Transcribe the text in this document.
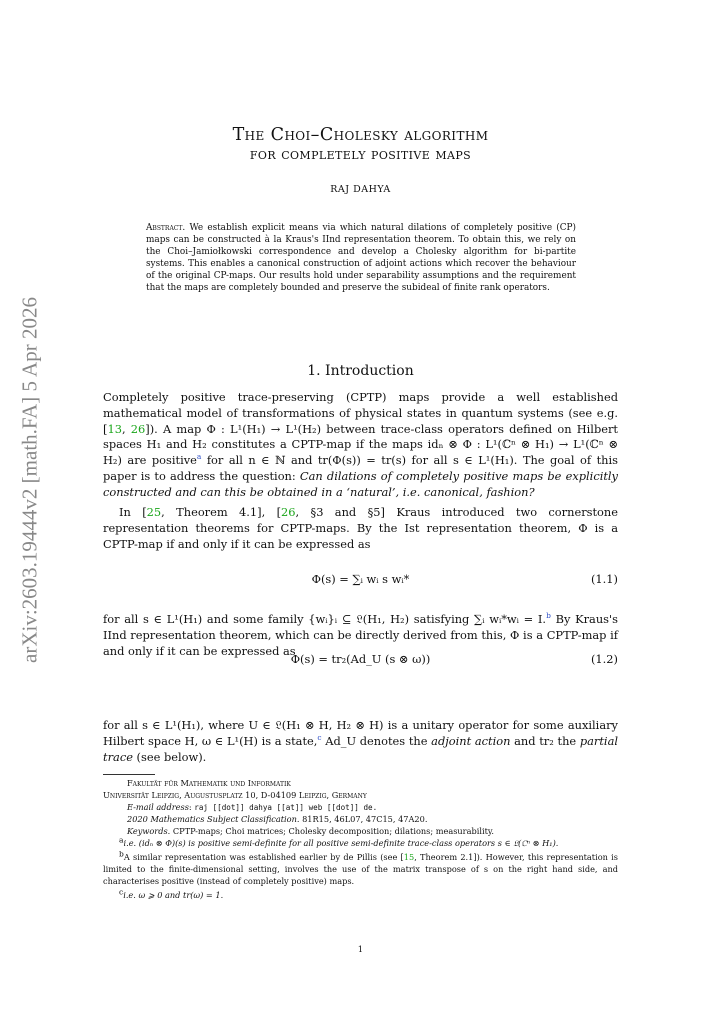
arXiv:2603.19444v2 [math.FA] 5 Apr 2026
The Choi–Cholesky algorithm
for completely positive maps
RAJ DAHYA
Abstract. We establish explicit means via which natural dilations of completely positive (CP) maps can be constructed à la Kraus's IInd representation theorem. To obtain this, we rely on the Choi–Jamiołkowski correspondence and develop a Cholesky algorithm for bi-partite systems. This enables a canonical construction of adjoint actions which recover the behaviour of the original CP-maps. Our results hold under separability assumptions and the requirement that the maps are completely bounded and preserve the subideal of finite rank operators.
1. Introduction
Completely positive trace-preserving (CPTP) maps provide a well established mathematical model of transformations of physical states in quantum systems (see e.g. [13, 26]). A map Φ : L¹(H₁) → L¹(H₂) between trace-class operators defined on Hilbert spaces H₁ and H₂ constitutes a CPTP-map if the maps idₙ ⊗ Φ : L¹(ℂⁿ ⊗ H₁) → L¹(ℂⁿ ⊗ H₂) are positive$^a$ for all n ∈ ℕ and tr(Φ(s)) = tr(s) for all s ∈ L¹(H₁). The goal of this paper is to address the question: Can dilations of completely positive maps be explicitly constructed and can this be obtained in a ‘natural’, i.e. canonical, fashion?
In [25, Theorem 4.1], [26, §3 and §5] Kraus introduced two cornerstone representation theorems for CPTP-maps. By the Ist representation theorem, Φ is a CPTP-map if and only if it can be expressed as
Φ(s) = ∑ᵢ wᵢ s wᵢ*	(1.1)
for all s ∈ L¹(H₁) and some family {wᵢ}ᵢ ⊆ 𝔏(H₁, H₂) satisfying ∑ᵢ wᵢ*wᵢ = I.$^b$ By Kraus's IInd representation theorem, which can be directly derived from this, Φ is a CPTP-map if and only if it can be expressed as
Φ(s) = tr₂(Ad_U (s ⊗ ω))	(1.2)
for all s ∈ L¹(H₁), where U ∈ 𝔏(H₁ ⊗ H, H₂ ⊗ H) is a unitary operator for some auxiliary Hilbert space H, ω ∈ L¹(H) is a state,$^c$ Ad_U denotes the adjoint action and tr₂ the partial trace (see below).
Fakultät für Mathematik und Informatik
Universität Leipzig, Augustusplatz 10, D-04109 Leipzig, Germany
E-mail address: raj [[dot]] dahya [[at]] web [[dot]] de.
2020 Mathematics Subject Classification. 81R15, 46L07, 47C15, 47A20.
Keywords. CPTP-maps; Choi matrices; Cholesky decomposition; dilations; measurability.
ai.e. (idₙ ⊗ Φ)(s) is positive semi-definite for all positive semi-definite trace-class operators s ∈ 𝔏(ℂⁿ ⊗ H₁).
bA similar representation was established earlier by de Pillis (see [15, Theorem 2.1]). However, this representation is limited to the finite-dimensional setting, involves the use of the matrix transpose of s on the right hand side, and characterises positive (instead of completely positive) maps.
ci.e. ω ⩾ 0 and tr(ω) = 1.
1
